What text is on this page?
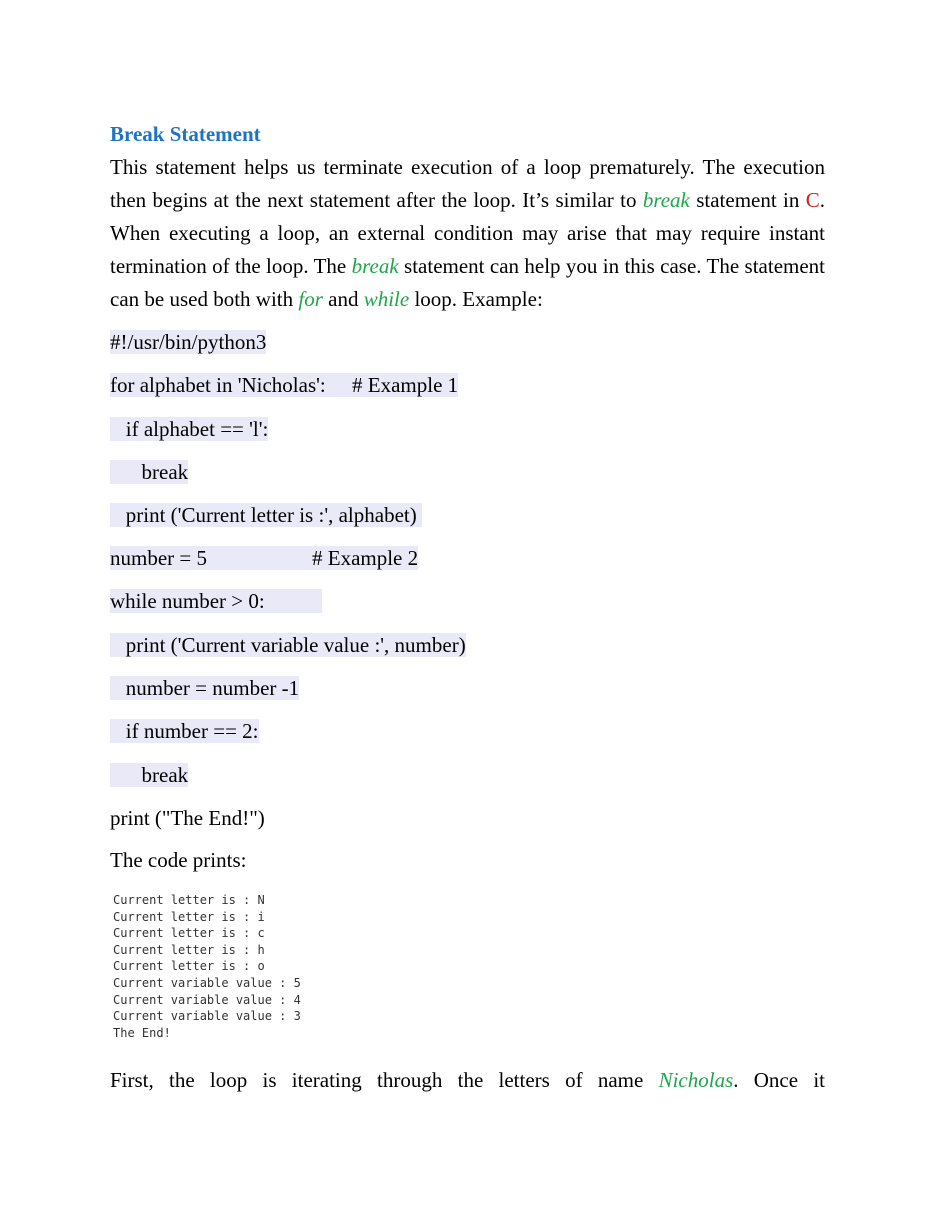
Break Statement
This statement helps us terminate execution of a loop prematurely. The execution then begins at the next statement after the loop. It’s similar to break statement in C. When executing a loop, an external condition may arise that may require instant termination of the loop. The break statement can help you in this case. The statement can be used both with for and while loop. Example:
#!/usr/bin/python3
for alphabet in 'Nicholas':     # Example 1
if alphabet == 'l':
break
print ('Current letter is :', alphabet)
number = 5                    # Example 2
while number > 0:
print ('Current variable value :', number)
number = number -1
if number == 2:
break
print ("The End!")
The code prints:
Current letter is : N
Current letter is : i
Current letter is : c
Current letter is : h
Current letter is : o
Current variable value : 5
Current variable value : 4
Current variable value : 3
The End!
First, the loop is iterating through the letters of name Nicholas. Once it
